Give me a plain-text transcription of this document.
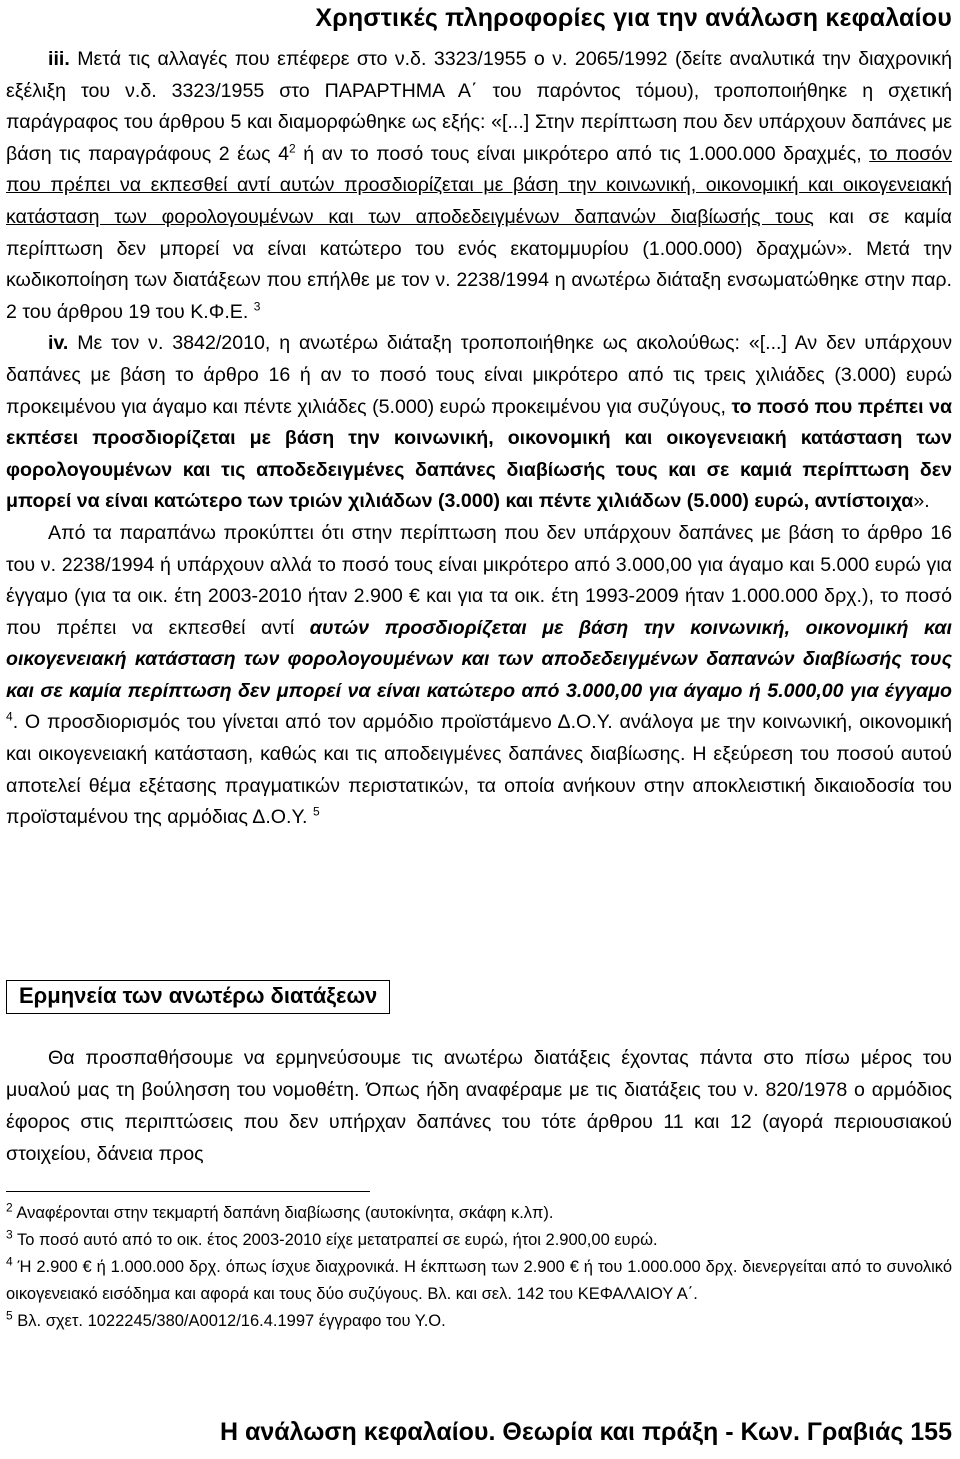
Χρηστικές πληροφορίες για την ανάλωση κεφαλαίου

iii. Μετά τις αλλαγές που επέφερε στο ν.δ. 3323/1955 ο ν. 2065/1992 (δείτε αναλυτικά την διαχρονική εξέλιξη του ν.δ. 3323/1955 στο ΠΑΡΑΡΤΗΜΑ Α΄ του παρόντος τόμου), τροποποιήθηκε η σχετική παράγραφος του άρθρου 5 και διαμορφώθηκε ως εξής: «[...] Στην περίπτωση που δεν υπάρχουν δαπάνες με βάση τις παραγράφους 2 έως $4^2$ ή αν το ποσό τους είναι μικρότερο από τις 1.000.000 δραχμές, το ποσόν που πρέπει να εκπεσθεί αντί αυτών προσδιορίζεται με βάση την κοινωνική, οικονομική και οικογενειακή κατάσταση των φορολογουμένων και των αποδεδειγμένων δαπανών διαβίωσής τους και σε καμία περίπτωση δεν μπορεί να είναι κατώτερο του ενός εκατομμυρίου (1.000.000) δραχμών». Μετά την κωδικοποίηση των διατάξεων που επήλθε με τον ν. 2238/1994 η ανωτέρω διάταξη ενσωματώθηκε στην παρ. 2 του άρθρου 19 του Κ.Φ.Ε. $^3$

iv. Με τον ν. 3842/2010, η ανωτέρω διάταξη τροποποιήθηκε ως ακολούθως: «[...] Αν δεν υπάρχουν δαπάνες με βάση το άρθρο 16 ή αν το ποσό τους είναι μικρότερο από τις τρεις χιλιάδες (3.000) ευρώ προκειμένου για άγαμο και πέντε χιλιάδες (5.000) ευρώ προκειμένου για συζύγους, το ποσό που πρέπει να εκπέσει προσδιορίζεται με βάση την κοινωνική, οικονομική και οικογενειακή κατάσταση των φορολογουμένων και τις αποδεδειγμένες δαπάνες διαβίωσής τους και σε καμιά περίπτωση δεν μπορεί να είναι κατώτερο των τριών χιλιάδων (3.000) και πέντε χιλιάδων (5.000) ευρώ, αντίστοιχα».

Από τα παραπάνω προκύπτει ότι στην περίπτωση που δεν υπάρχουν δαπάνες με βάση το άρθρο 16 του ν. 2238/1994 ή υπάρχουν αλλά το ποσό τους είναι μικρότερο από 3.000,00 για άγαμο και 5.000 ευρώ για έγγαμο (για τα οικ. έτη 2003-2010 ήταν 2.900 € και για τα οικ. έτη 1993-2009 ήταν 1.000.000 δρχ.), το ποσό που πρέπει να εκπεσθεί αντί αυτών προσδιορίζεται με βάση την κοινωνική, οικονομική και οικογενειακή κατάσταση των φορολογουμένων και των αποδεδειγμένων δαπανών διαβίωσής τους και σε καμία περίπτωση δεν μπορεί να είναι κατώτερο από 3.000,00 για άγαμο ή 5.000,00 για έγγαμο $^4$. Ο προσδιορισμός του γίνεται από τον αρμόδιο προϊστάμενο Δ.Ο.Υ. ανάλογα με την κοινωνική, οικονομική και οικογενειακή κατάσταση, καθώς και τις αποδειγμένες δαπάνες διαβίωσης. Η εξεύρεση του ποσού αυτού αποτελεί θέμα εξέτασης πραγματικών περιστατικών, τα οποία ανήκουν στην αποκλειστική δικαιοδοσία του προϊσταμένου της αρμόδιας Δ.Ο.Υ. $^5$

Ερμηνεία των ανωτέρω διατάξεων
Θα προσπαθήσουμε να ερμηνεύσουμε τις ανωτέρω διατάξεις έχοντας πάντα στο πίσω μέρος του μυαλού μας τη βούλησση του νομοθέτη. Όπως ήδη αναφέραμε με τις διατάξεις του ν. 820/1978 ο αρμόδιος έφορος στις περιπτώσεις που δεν υπήρχαν δαπάνες του τότε άρθρου 11 και 12 (αγορά περιουσιακού στοιχείου, δάνεια προς

$^2$ Αναφέρονται στην τεκμαρτή δαπάνη διαβίωσης (αυτοκίνητα, σκάφη κ.λπ).

$^3$ Το ποσό αυτό από το οικ. έτος 2003-2010 είχε μετατραπεί σε ευρώ, ήτοι 2.900,00 ευρώ.

$^4$ Ή 2.900 € ή 1.000.000 δρχ. όπως ίσχυε διαχρονικά. Η έκπτωση των 2.900 € ή του 1.000.000 δρχ. διενεργείται από το συνολικό οικογενειακό εισόδημα και αφορά και τους δύο συζύγους. Βλ. και σελ. 142 του ΚΕΦΑΛΑΙΟΥ Α΄.

$^5$ Βλ. σχετ. 1022245/380/Α0012/16.4.1997 έγγραφο του Υ.Ο.

Η ανάλωση κεφαλαίου. Θεωρία και πράξη - Κων. Γραβιάς 155
